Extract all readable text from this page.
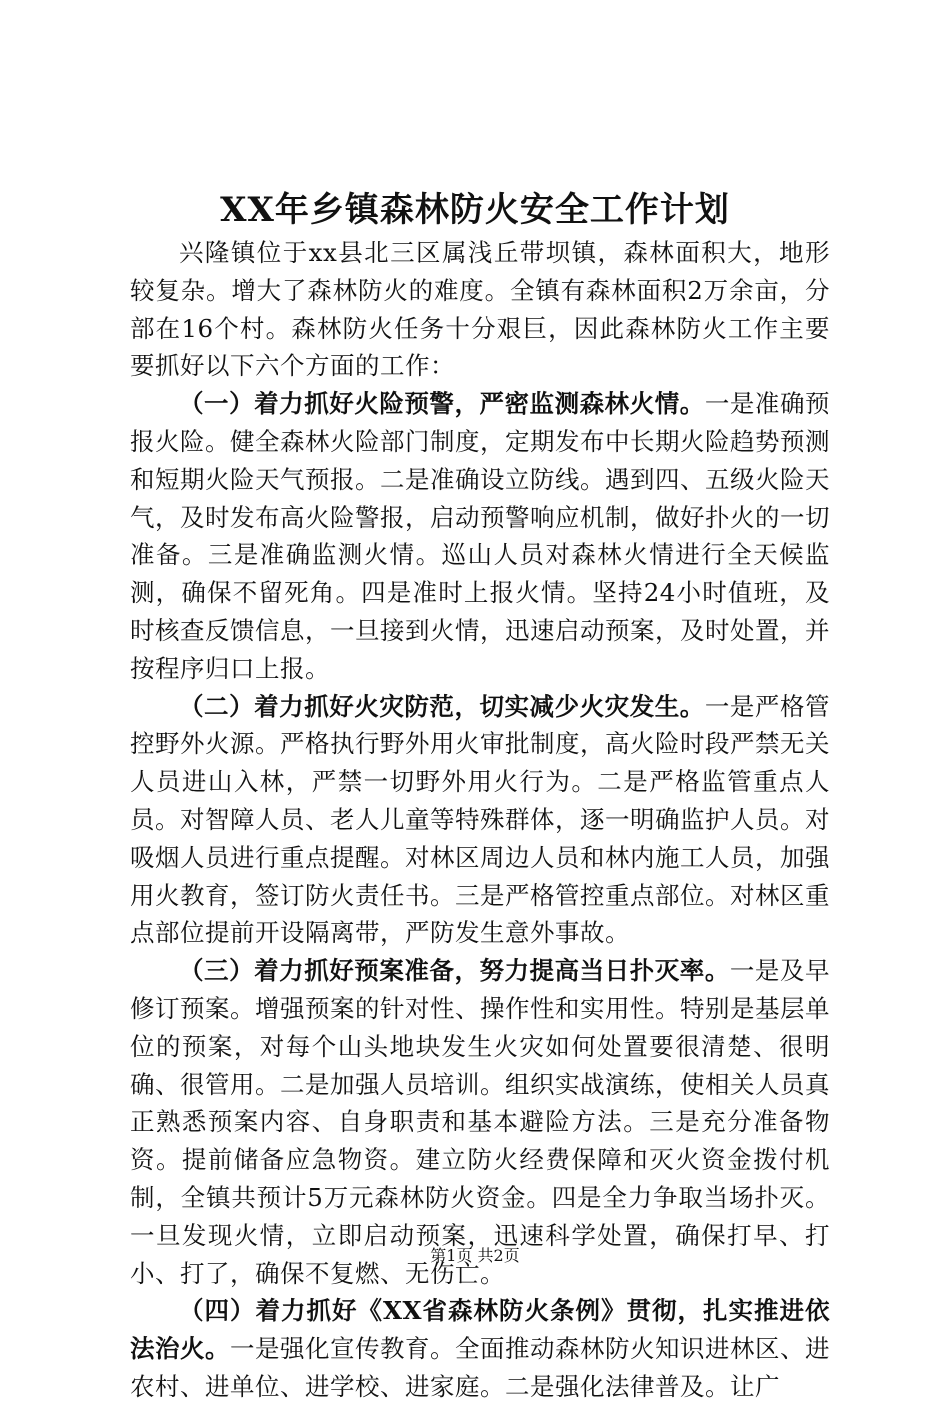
XX年乡镇森林防火安全工作计划

兴隆镇位于xx县北三区属浅丘带坝镇，森林面积大，地形较复杂。增大了森林防火的难度。全镇有森林面积2万余亩，分部在16个村。森林防火任务十分艰巨，因此森林防火工作主要要抓好以下六个方面的工作：

（一）着力抓好火险预警，严密监测森林火情。一是准确预报火险。健全森林火险部门制度，定期发布中长期火险趋势预测和短期火险天气预报。二是准确设立防线。遇到四、五级火险天气，及时发布高火险警报，启动预警响应机制，做好扑火的一切准备。三是准确监测火情。巡山人员对森林火情进行全天候监测，确保不留死角。四是准时上报火情。坚持24小时值班，及时核查反馈信息，一旦接到火情，迅速启动预案，及时处置，并按程序归口上报。

（二）着力抓好火灾防范，切实减少火灾发生。一是严格管控野外火源。严格执行野外用火审批制度，高火险时段严禁无关人员进山入林，严禁一切野外用火行为。二是严格监管重点人员。对智障人员、老人儿童等特殊群体，逐一明确监护人员。对吸烟人员进行重点提醒。对林区周边人员和林内施工人员，加强用火教育，签订防火责任书。三是严格管控重点部位。对林区重点部位提前开设隔离带，严防发生意外事故。

（三）着力抓好预案准备，努力提高当日扑灭率。一是及早修订预案。增强预案的针对性、操作性和实用性。特别是基层单位的预案，对每个山头地块发生火灾如何处置要很清楚、很明确、很管用。二是加强人员培训。组织实战演练，使相关人员真正熟悉预案内容、自身职责和基本避险方法。三是充分准备物资。提前储备应急物资。建立防火经费保障和灭火资金拨付机制，全镇共预计5万元森林防火资金。四是全力争取当场扑灭。一旦发现火情，立即启动预案，迅速科学处置，确保打早、打小、打了，确保不复燃、无伤亡。

（四）着力抓好《XX省森林防火条例》贯彻，扎实推进依法治火。一是强化宣传教育。全面推动森林防火知识进林区、进农村、进单位、进学校、进家庭。二是强化法律普及。让广

第1页 共2页
